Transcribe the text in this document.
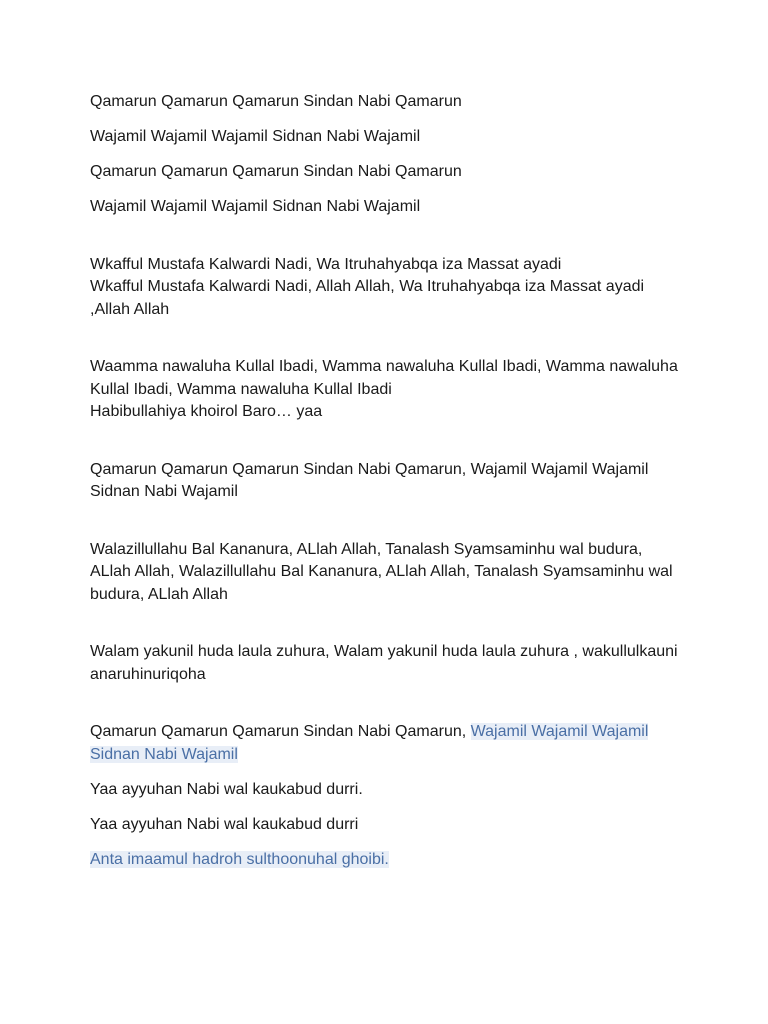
Qamarun Qamarun Qamarun Sindan Nabi Qamarun

Wajamil Wajamil Wajamil Sidnan Nabi Wajamil

Qamarun Qamarun Qamarun Sindan Nabi Qamarun

Wajamil Wajamil Wajamil Sidnan Nabi Wajamil

Wkafful Mustafa Kalwardi Nadi, Wa Itruhahyabqa iza Massat ayadi
Wkafful Mustafa Kalwardi Nadi, Allah Allah, Wa Itruhahyabqa iza Massat ayadi ,Allah Allah

Waamma nawaluha Kullal Ibadi, Wamma nawaluha Kullal Ibadi, Wamma nawaluha Kullal Ibadi, Wamma nawaluha Kullal Ibadi
Habibullahiya khoirol Baro… yaa

Qamarun Qamarun Qamarun Sindan Nabi Qamarun, Wajamil Wajamil Wajamil Sidnan Nabi Wajamil

Walazillullahu Bal Kananura, ALlah Allah, Tanalash Syamsaminhu wal budura, ALlah Allah, Walazillullahu Bal Kananura, ALlah Allah, Tanalash Syamsaminhu wal budura, ALlah Allah

Walam yakunil huda laula zuhura, Walam yakunil huda laula zuhura , wakullulkauni anaruhinuriqoha

Qamarun Qamarun Qamarun Sindan Nabi Qamarun, Wajamil Wajamil Wajamil Sidnan Nabi Wajamil

Yaa ayyuhan Nabi wal kaukabud durri.

Yaa ayyuhan Nabi wal kaukabud durri

Anta imaamul hadroh sulthoonuhal ghoibi.
